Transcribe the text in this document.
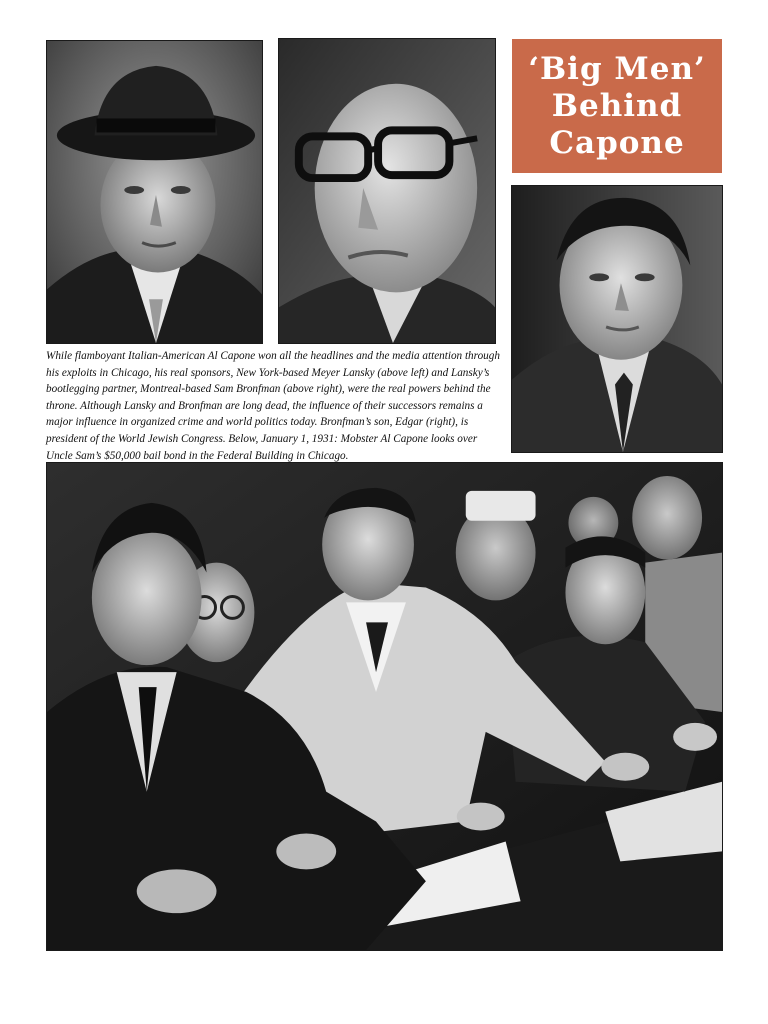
‘Big Men’
Behind
Capone

While flamboyant Italian-American Al Capone won all the headlines and the media attention through his exploits in Chicago, his real sponsors, New York-based Meyer Lansky (above left) and Lansky’s bootlegging partner, Montreal-based Sam Bronfman (above right), were the real powers behind the throne. Although Lansky and Bronfman are long dead, the influence of their successors remains a major influence in organized crime and world politics today. Bronfman’s son, Edgar (right), is president of the World Jewish Congress. Below, January 1, 1931: Mobster Al Capone looks over Uncle Sam’s $50,000 bail bond in the Federal Building in Chicago.
